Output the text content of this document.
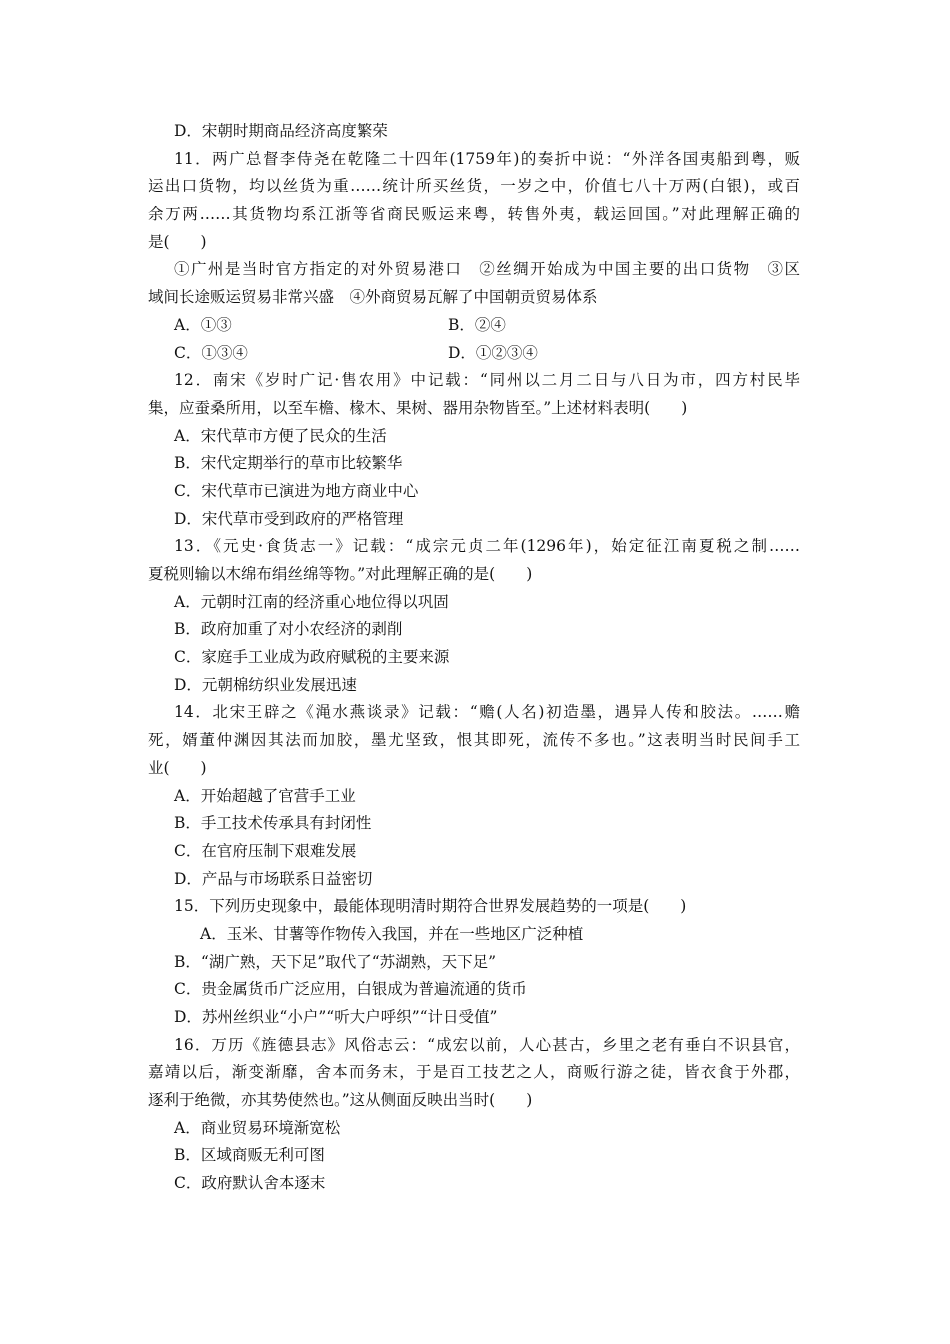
D．宋朝时期商品经济高度繁荣
11．两广总督李侍尧在乾隆二十四年(1759年)的奏折中说：“外洋各国夷船到粤，贩
运出口货物，均以丝货为重……统计所买丝货，一岁之中，价值七八十万两(白银)，或百
余万两……其货物均系江浙等省商民贩运来粤，转售外夷，载运回国。”对此理解正确的
是(　　)
①广州是当时官方指定的对外贸易港口　②丝绸开始成为中国主要的出口货物　③区
域间长途贩运贸易非常兴盛　④外商贸易瓦解了中国朝贡贸易体系
A．①③	B．②④
C．①③④	D．①②③④
12．南宋《岁时广记·售农用》中记载：“同州以二月二日与八日为市，四方村民毕
集，应蚕桑所用，以至车檐、椽木、果树、器用杂物皆至。”上述材料表明(　　)
A．宋代草市方便了民众的生活
B．宋代定期举行的草市比较繁华
C．宋代草市已演进为地方商业中心
D．宋代草市受到政府的严格管理
13．《元史·食货志一》记载：“成宗元贞二年(1296年)，始定征江南夏税之制……
夏税则输以木绵布绢丝绵等物。”对此理解正确的是(　　)
A．元朝时江南的经济重心地位得以巩固
B．政府加重了对小农经济的剥削
C．家庭手工业成为政府赋税的主要来源
D．元朝棉纺织业发展迅速
14．北宋王辟之《渑水燕谈录》记载：“赡(人名)初造墨，遇异人传和胶法。……赡
死，婿董仲渊因其法而加胶，墨尤坚致，恨其即死，流传不多也。”这表明当时民间手工
业(　　)
A．开始超越了官营手工业
B．手工技术传承具有封闭性
C．在官府压制下艰难发展
D．产品与市场联系日益密切
15．下列历史现象中，最能体现明清时期符合世界发展趋势的一项是(　　)
A．玉米、甘薯等作物传入我国，并在一些地区广泛种植
B．“湖广熟，天下足”取代了“苏湖熟，天下足”
C．贵金属货币广泛应用，白银成为普遍流通的货币
D．苏州丝织业“小户”“听大户呼织”“计日受值”
16．万历《旌德县志》风俗志云：“成宏以前，人心甚古，乡里之老有垂白不识县官，
嘉靖以后，渐变渐靡，舍本而务末，于是百工技艺之人，商贩行游之徒，皆衣食于外郡，
逐利于绝微，亦其势使然也。”这从侧面反映出当时(　　)
A．商业贸易环境渐宽松
B．区域商贩无利可图
C．政府默认舍本逐末
